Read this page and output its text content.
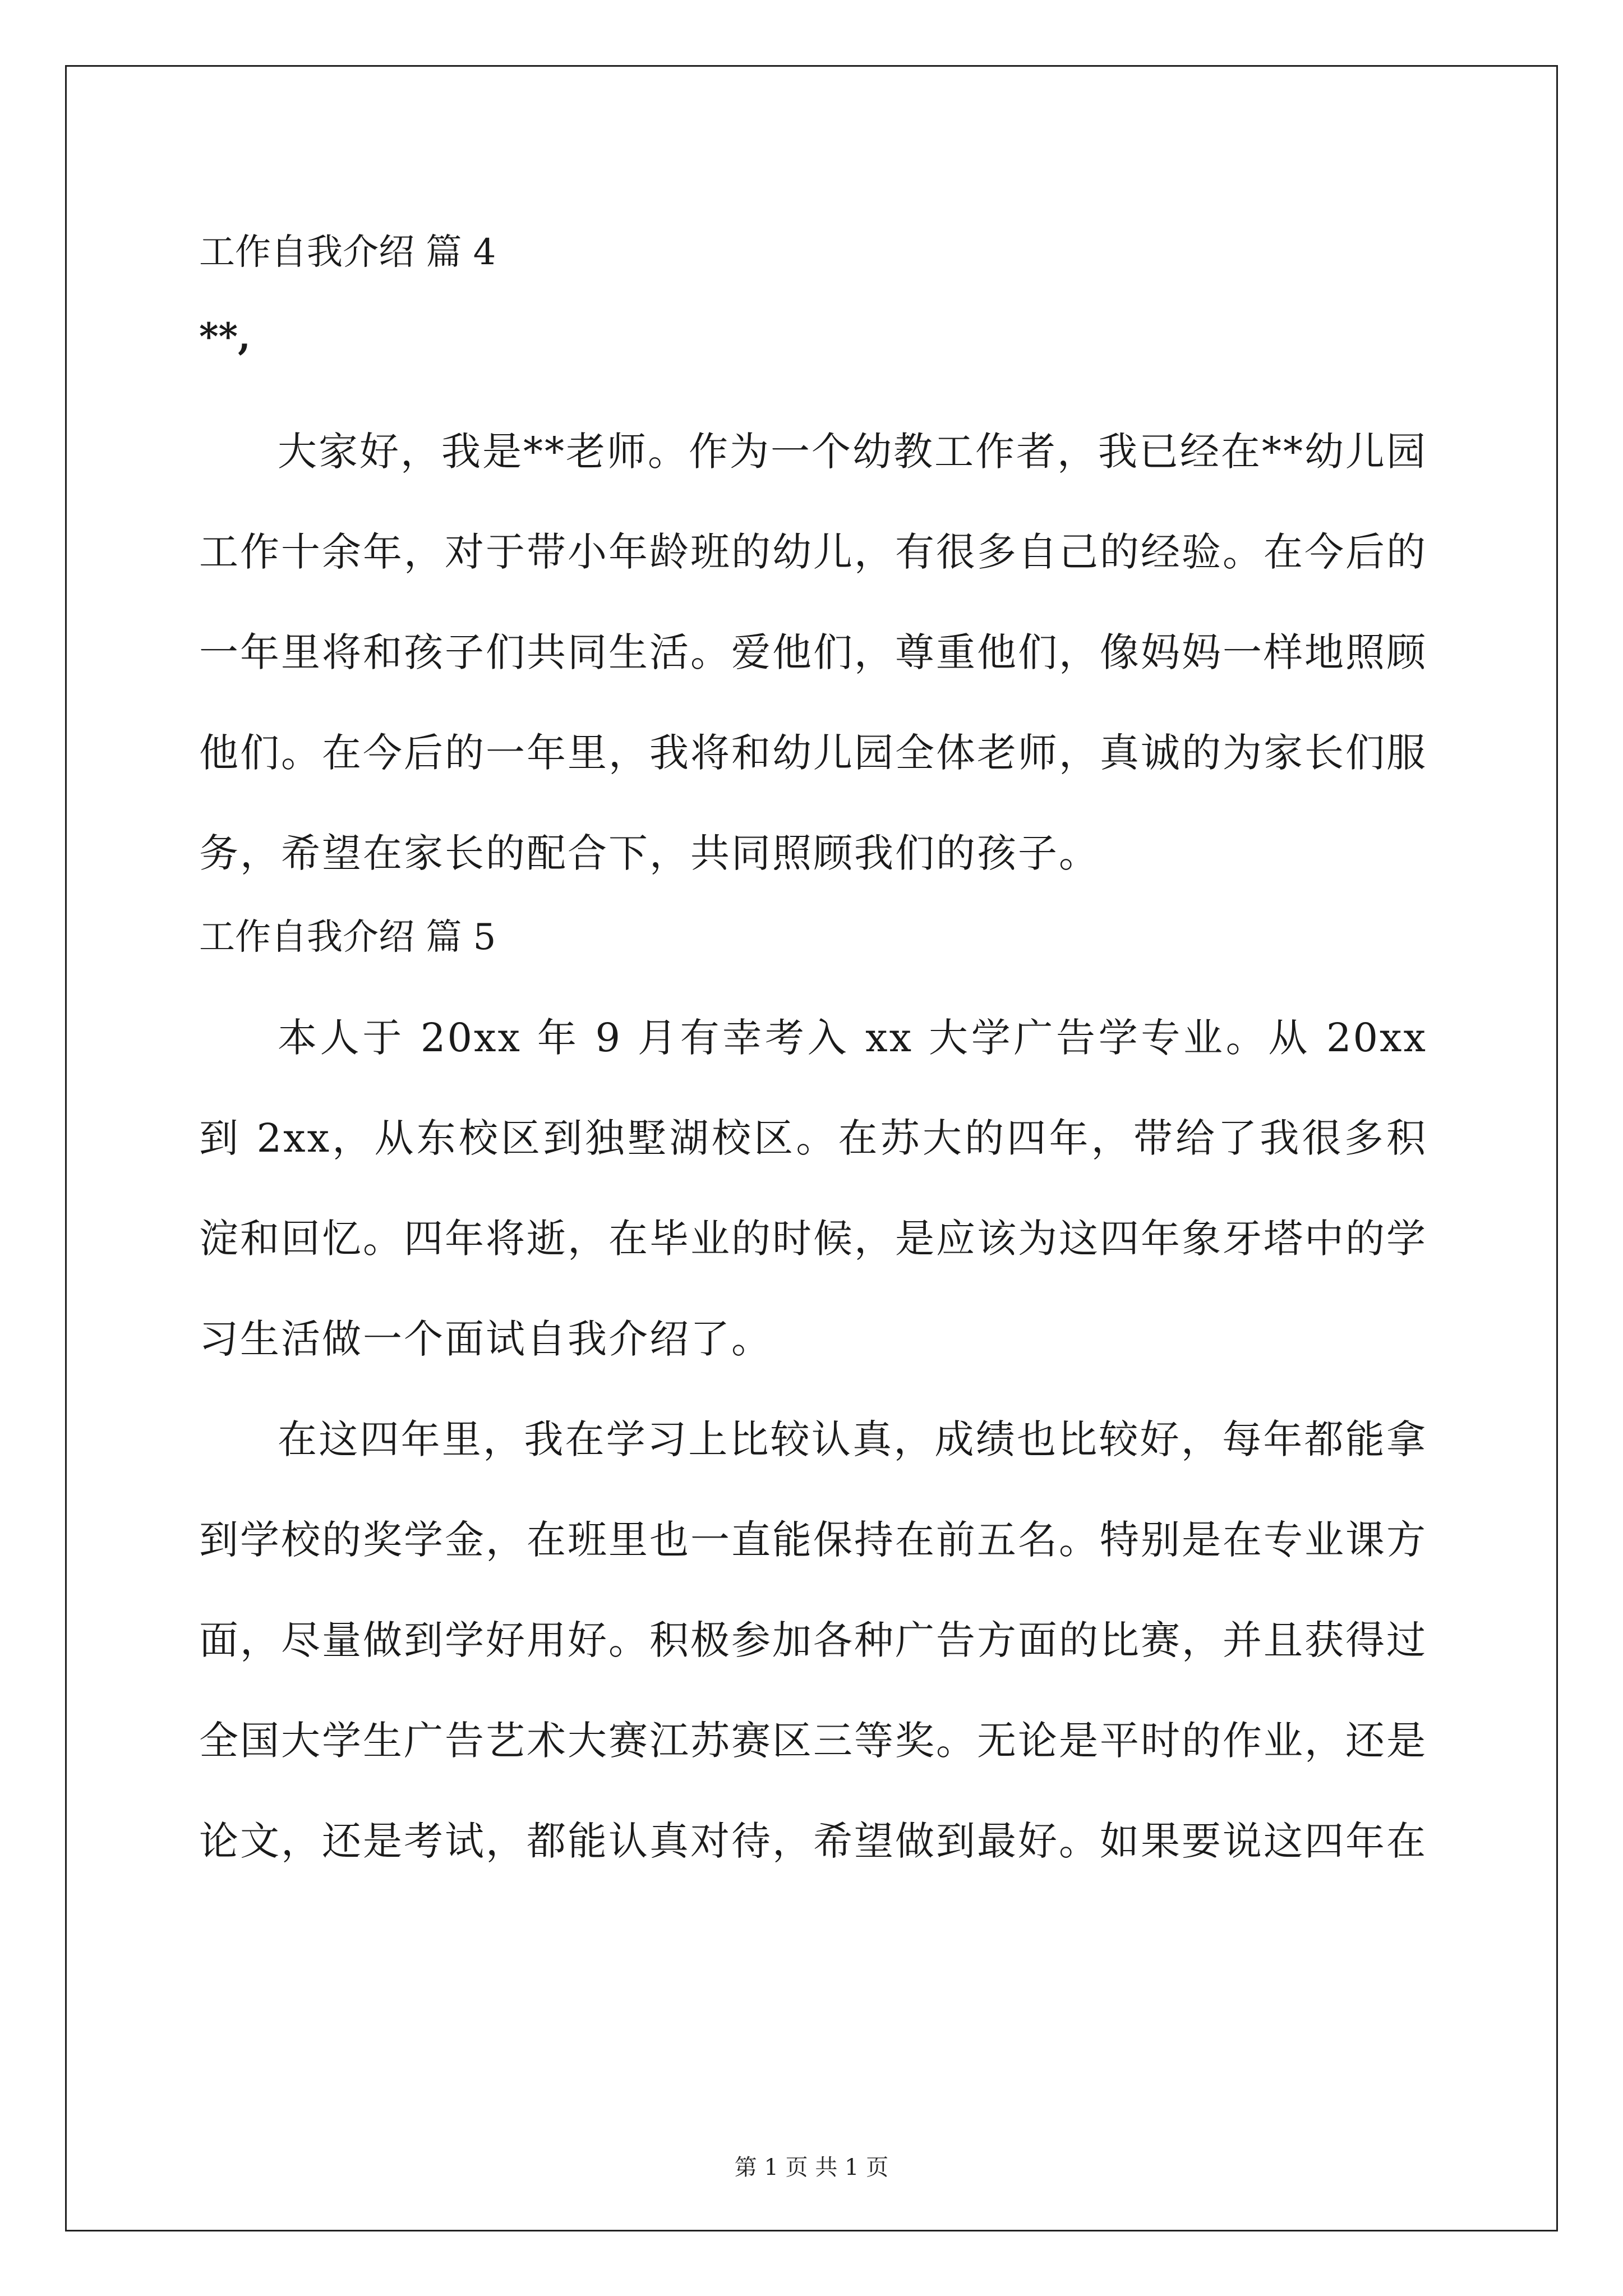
工作自我介绍 篇 4
**,

大家好，我是**老师。作为一个幼教工作者，我已经在**幼儿园工作十余年，对于带小年龄班的幼儿，有很多自己的经验。在今后的一年里将和孩子们共同生活。爱他们，尊重他们，像妈妈一样地照顾他们。在今后的一年里，我将和幼儿园全体老师，真诚的为家长们服务，希望在家长的配合下，共同照顾我们的孩子。

工作自我介绍 篇 5

本人于 20xx 年 9 月有幸考入 xx 大学广告学专业。从 20xx 到 2xx，从东校区到独墅湖校区。在苏大的四年，带给了我很多积淀和回忆。四年将逝，在毕业的时候，是应该为这四年象牙塔中的学习生活做一个面试自我介绍了。

在这四年里，我在学习上比较认真，成绩也比较好，每年都能拿到学校的奖学金，在班里也一直能保持在前五名。特别是在专业课方面，尽量做到学好用好。积极参加各种广告方面的比赛，并且获得过全国大学生广告艺术大赛江苏赛区三等奖。无论是平时的作业，还是论文，还是考试，都能认真对待，希望做到最好。如果要说这四年在

第 1 页 共 1 页
